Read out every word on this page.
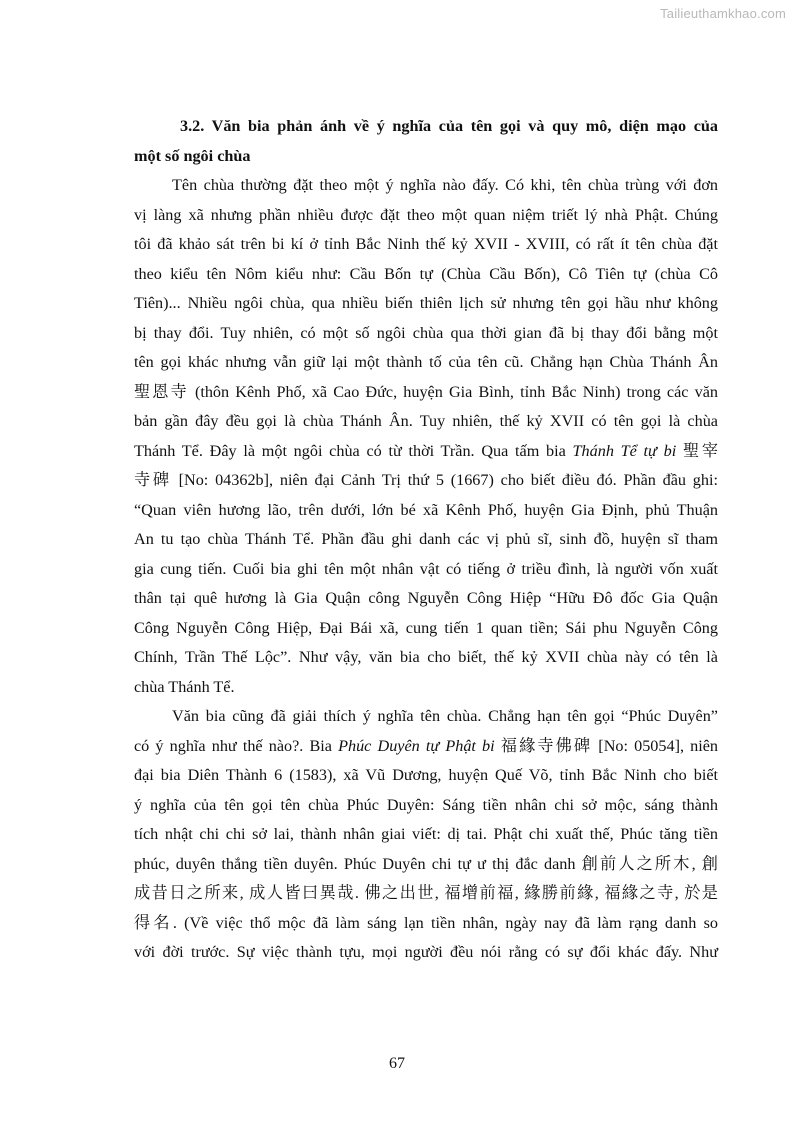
Tailieuthamkhao.com

3.2. Văn bia phản ánh về ý nghĩa của tên gọi và quy mô, diện mạo của
một số ngôi chùa

Tên chùa thường đặt theo một ý nghĩa nào đấy. Có khi, tên chùa trùng với đơn
vị làng xã nhưng phần nhiều được đặt theo một quan niệm triết lý nhà Phật. Chúng
tôi đã khảo sát trên bi kí ở tỉnh Bắc Ninh thế kỷ XVII - XVIII, có rất ít tên chùa đặt
theo kiểu tên Nôm kiểu như: Cầu Bốn tự (Chùa Cầu Bốn), Cô Tiên tự (chùa Cô
Tiên)... Nhiều ngôi chùa, qua nhiều biến thiên lịch sử nhưng tên gọi hầu như không
bị thay đổi. Tuy nhiên, có một số ngôi chùa qua thời gian đã bị thay đổi bằng một
tên gọi khác nhưng vẫn giữ lại một thành tố của tên cũ. Chẳng hạn Chùa Thánh Ân
聖恩寺 (thôn Kênh Phố, xã Cao Đức, huyện Gia Bình, tỉnh Bắc Ninh) trong các văn
bản gần đây đều gọi là chùa Thánh Ân. Tuy nhiên, thế kỷ XVII có tên gọi là chùa
Thánh Tể. Đây là một ngôi chùa có từ thời Trần. Qua tấm bia Thánh Tể tự bi 聖宰
寺碑 [No: 04362b], niên đại Cảnh Trị thứ 5 (1667) cho biết điều đó. Phần đầu ghi:
“Quan viên hương lão, trên dưới, lớn bé xã Kênh Phố, huyện Gia Định, phủ Thuận
An tu tạo chùa Thánh Tể. Phần đầu ghi danh các vị phủ sĩ, sinh đồ, huyện sĩ tham
gia cung tiến. Cuối bia ghi tên một nhân vật có tiếng ở triều đình, là người vốn xuất
thân tại quê hương là Gia Quận công Nguyễn Công Hiệp “Hữu Đô đốc Gia Quận
Công Nguyễn Công Hiệp, Đại Bái xã, cung tiến 1 quan tiền; Sái phu Nguyễn Công
Chính, Trần Thế Lộc”. Như vậy, văn bia cho biết, thế kỷ XVII chùa này có tên là
chùa Thánh Tể.
Văn bia cũng đã giải thích ý nghĩa tên chùa. Chẳng hạn tên gọi “Phúc Duyên”
có ý nghĩa như thế nào?. Bia Phúc Duyên tự Phật bi 福緣寺佛碑 [No: 05054], niên
đại bia Diên Thành 6 (1583), xã Vũ Dương, huyện Quế Võ, tỉnh Bắc Ninh cho biết
ý nghĩa của tên gọi tên chùa Phúc Duyên: Sáng tiền nhân chi sở mộc, sáng thành
tích nhật chi chi sở lai, thành nhân giai viết: dị tai. Phật chi xuất thế, Phúc tăng tiền
phúc, duyên thắng tiền duyên. Phúc Duyên chi tự ư thị đắc danh 創前人之所木, 創
成昔日之所来, 成人皆曰異哉. 佛之出世, 福增前福, 緣勝前緣, 福緣之寺, 於是
得名. (Về việc thổ mộc đã làm sáng lạn tiền nhân, ngày nay đã làm rạng danh so
với đời trước. Sự việc thành tựu, mọi người đều nói rằng có sự đổi khác đấy. Như
67
